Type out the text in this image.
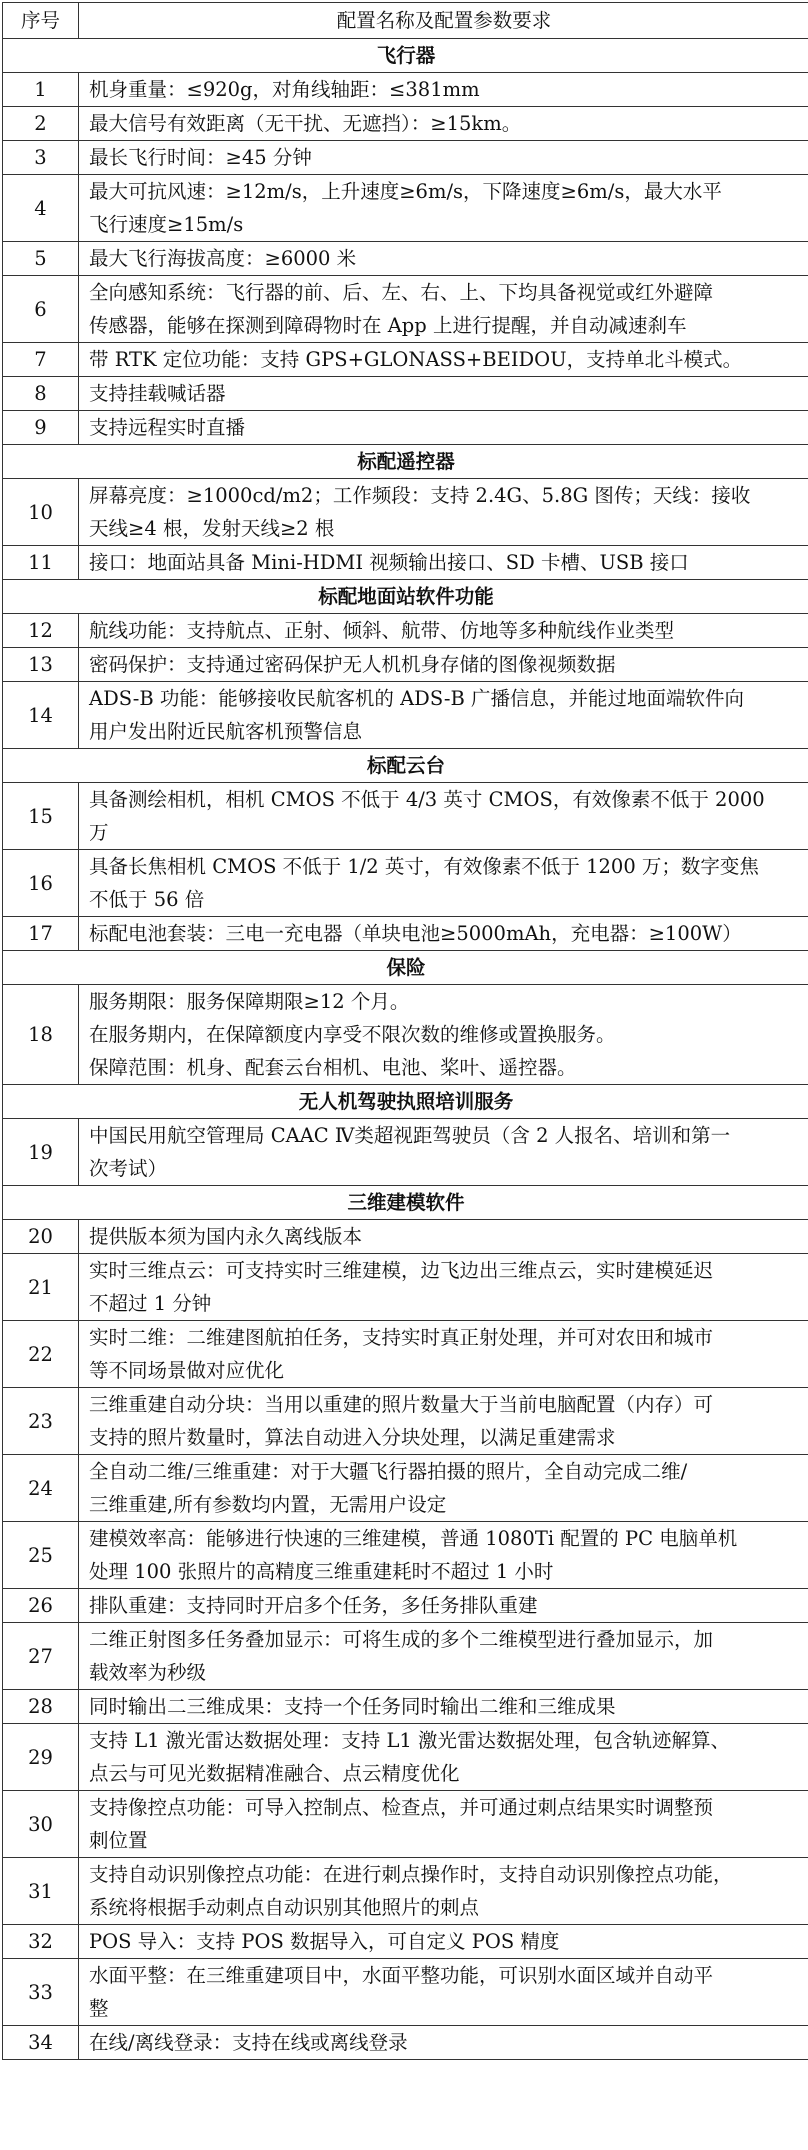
序号	配置名称及配置参数要求
飞行器	
1	机身重量：≤920g，对角线轴距：≤381mm

2	最大信号有效距离（无干扰、无遮挡）：≥15km。

3	最长飞行时间：≥45 分钟

4	最大可抗风速：≥12m/s，上升速度≥6m/s，下降速度≥6m/s，最大水平
飞行速度≥15m/s

5	最大飞行海拔高度：≥6000 米

6	全向感知系统：飞行器的前、后、左、右、上、下均具备视觉或红外避障
传感器，能够在探测到障碍物时在 App 上进行提醒，并自动减速刹车

7	带 RTK 定位功能：支持 GPS+GLONASS+BEIDOU，支持单北斗模式。

8	支持挂载喊话器

9	支持远程实时直播

标配遥控器	
10	屏幕亮度：≥1000cd/m2；工作频段：支持 2.4G、5.8G 图传；天线：接收
天线≥4 根，发射天线≥2 根

11	接口：地面站具备 Mini-HDMI 视频输出接口、SD 卡槽、USB 接口

标配地面站软件功能	
12	航线功能：支持航点、正射、倾斜、航带、仿地等多种航线作业类型

13	密码保护：支持通过密码保护无人机机身存储的图像视频数据

14	ADS-B 功能：能够接收民航客机的 ADS-B 广播信息，并能过地面端软件向
用户发出附近民航客机预警信息

标配云台	
15	具备测绘相机，相机 CMOS 不低于 4/3 英寸 CMOS，有效像素不低于 2000
万

16	具备长焦相机 CMOS 不低于 1/2 英寸，有效像素不低于 1200 万；数字变焦
不低于 56 倍

17	标配电池套装：三电一充电器（单块电池≥5000mAh，充电器：≥100W）

保险	
18	服务期限：服务保障期限≥12 个月。
在服务期内，在保障额度内享受不限次数的维修或置换服务。
保障范围：机身、配套云台相机、电池、桨叶、遥控器。

无人机驾驶执照培训服务	
19	中国民用航空管理局 CAAC Ⅳ类超视距驾驶员（含 2 人报名、培训和第一
次考试）

三维建模软件	
20	提供版本须为国内永久离线版本

21	实时三维点云：可支持实时三维建模，边飞边出三维点云，实时建模延迟
不超过 1 分钟

22	实时二维：二维建图航拍任务，支持实时真正射处理，并可对农田和城市
等不同场景做对应优化

23	三维重建自动分块：当用以重建的照片数量大于当前电脑配置（内存）可
支持的照片数量时，算法自动进入分块处理，以满足重建需求

24	全自动二维/三维重建：对于大疆飞行器拍摄的照片，全自动完成二维/
三维重建,所有参数均内置，无需用户设定

25	建模效率高：能够进行快速的三维建模，普通 1080Ti 配置的 PC 电脑单机
处理 100 张照片的高精度三维重建耗时不超过 1 小时

26	排队重建：支持同时开启多个任务，多任务排队重建

27	二维正射图多任务叠加显示：可将生成的多个二维模型进行叠加显示，加
载效率为秒级

28	同时输出二三维成果：支持一个任务同时输出二维和三维成果

29	支持 L1 激光雷达数据处理：支持 L1 激光雷达数据处理，包含轨迹解算、
点云与可见光数据精准融合、点云精度优化

30	支持像控点功能：可导入控制点、检查点，并可通过刺点结果实时调整预
刺位置

31	支持自动识别像控点功能：在进行刺点操作时，支持自动识别像控点功能，
系统将根据手动刺点自动识别其他照片的刺点

32	POS 导入：支持 POS 数据导入，可自定义 POS 精度

33	水面平整：在三维重建项目中，水面平整功能，可识别水面区域并自动平
整

34	在线/离线登录：支持在线或离线登录
